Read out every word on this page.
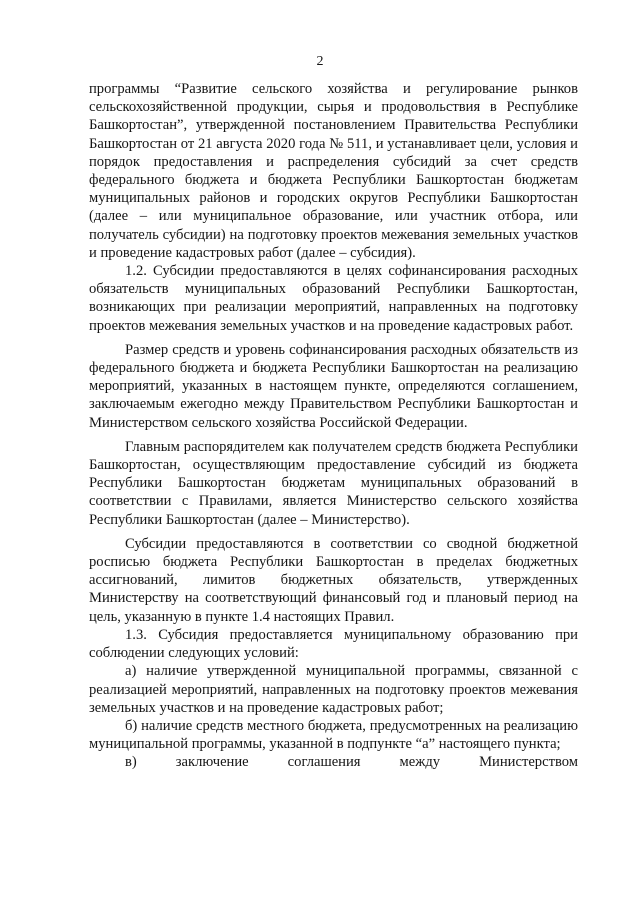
2

программы “Развитие сельского хозяйства и регулирование рынков сельскохозяйственной продукции, сырья и продовольствия в Республике Башкортостан”, утвержденной постановлением Правительства Республики Башкортостан от 21 августа 2020 года № 511, и устанавливает цели, условия и порядок предоставления и распределения субсидий за счет средств федерального бюджета и бюджета Республики Башкортостан бюджетам муниципальных районов и городских округов Республики Башкортостан (далее – или муниципальное образование, или участник отбора, или получатель субсидии) на подготовку проектов межевания земельных участков и проведение кадастровых работ (далее – субсидия).

1.2. Субсидии предоставляются в целях софинансирования расходных обязательств муниципальных образований Республики Башкортостан, возникающих при реализации мероприятий, направленных на подготовку проектов межевания земельных участков и на проведение кадастровых работ.

Размер средств и уровень софинансирования расходных обязательств из федерального бюджета и бюджета Республики Башкортостан на реализацию мероприятий, указанных в настоящем пункте, определяются соглашением, заключаемым ежегодно между Правительством Республики Башкортостан и Министерством сельского хозяйства Российской Федерации.

Главным распорядителем как получателем средств бюджета Республики Башкортостан, осуществляющим предоставление субсидий из бюджета Республики Башкортостан бюджетам муниципальных образований в соответствии с Правилами, является Министерство сельского хозяйства Республики Башкортостан (далее – Министерство).

Субсидии предоставляются в соответствии со сводной бюджетной росписью бюджета Республики Башкортостан в пределах бюджетных ассигнований, лимитов бюджетных обязательств, утвержденных Министерству на соответствующий финансовый год и плановый период на цель, указанную в пункте 1.4 настоящих Правил.

1.3. Субсидия предоставляется муниципальному образованию при соблюдении следующих условий:

а) наличие утвержденной муниципальной программы, связанной с реализацией мероприятий, направленных на подготовку проектов межевания земельных участков и на проведение кадастровых работ;

б) наличие средств местного бюджета, предусмотренных на реализацию муниципальной программы, указанной в подпункте “а” настоящего пункта;

в) заключение соглашения между Министерством
